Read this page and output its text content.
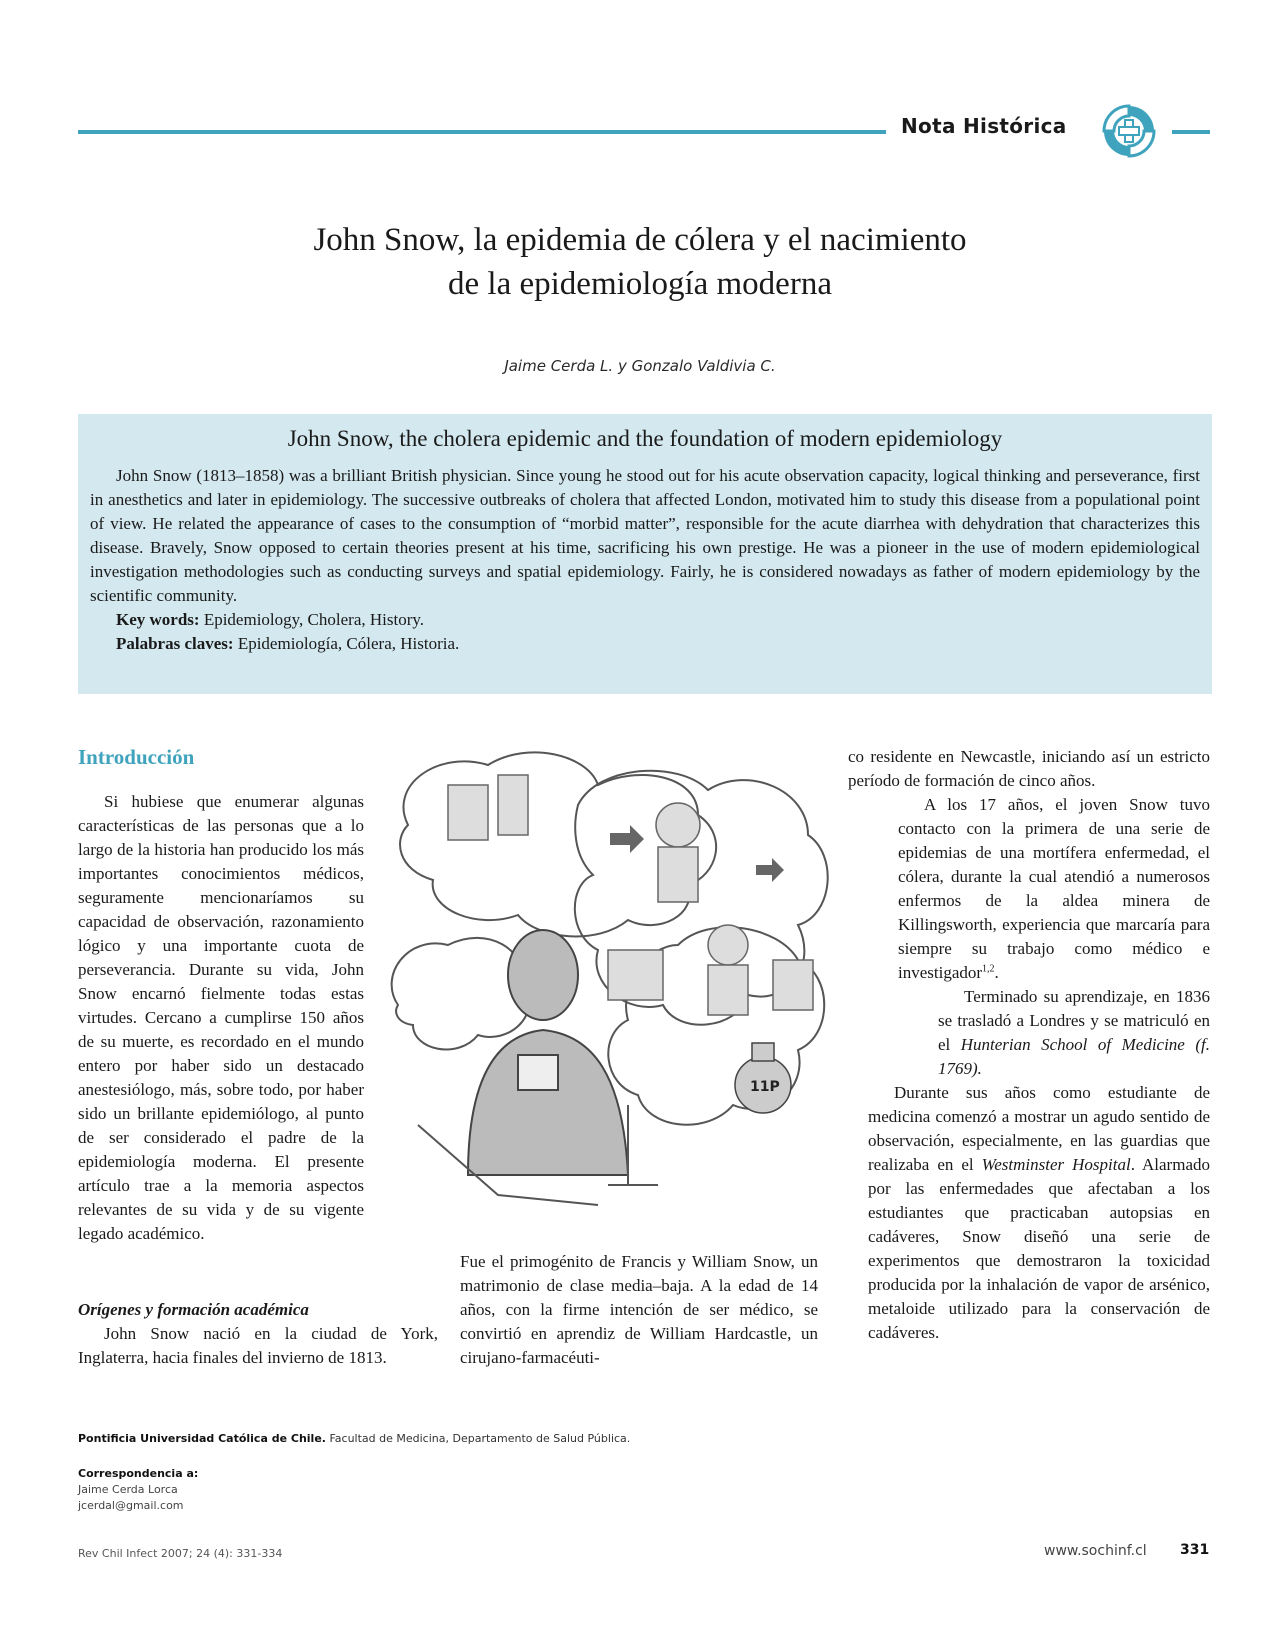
Nota Histórica
John Snow, la epidemia de cólera y el nacimiento
de la epidemiología moderna
Jaime Cerda L. y Gonzalo Valdivia C.
John Snow, the cholera epidemic and the foundation of modern epidemiology

John Snow (1813–1858) was a brilliant British physician. Since young he stood out for his acute observation capacity, logical thinking and perseverance, first in anesthetics and later in epidemiology. The successive outbreaks of cholera that affected London, motivated him to study this disease from a populational point of view. He related the appearance of cases to the consumption of “morbid matter”, responsible for the acute diarrhea with dehydration that characterizes this disease. Bravely, Snow opposed to certain theories present at his time, sacrificing his own prestige. He was a pioneer in the use of modern epidemiological investigation methodologies such as conducting surveys and spatial epidemiology. Fairly, he is considered nowadays as father of modern epidemiology by the scientific community.

Key words: Epidemiology, Cholera, History.

Palabras claves: Epidemiología, Cólera, Historia.

Introducción

Si hubiese que enumerar algunas características de las personas que a lo largo de la historia han producido los más importantes conocimientos médicos, seguramente mencionaríamos su capacidad de observación, razonamiento lógico y una importante cuota de perseverancia. Durante su vida, John Snow encarnó fielmente todas estas virtudes. Cercano a cumplirse 150 años de su muerte, es recordado en el mundo entero por haber sido un destacado anestesiólogo, más, sobre todo, por haber sido un brillante epidemiólogo, al punto de ser considerado el padre de la epidemiología moderna. El presente artículo trae a la memoria aspectos relevantes de su vida y de su vigente legado académico.

Orígenes y formación académica

John Snow nació en la ciudad de York, Inglaterra, hacia finales del invierno de 1813.

11P

Fue el primogénito de Francis y William Snow, un matrimonio de clase media–baja. A la edad de 14 años, con la firme intención de ser médico, se convirtió en aprendiz de William Hardcastle, un cirujano-farmacéuti-

co residente en Newcastle, iniciando así un estricto período de formación de cinco años.

A los 17 años, el joven Snow tuvo contacto con la primera de una serie de epidemias de una mortífera enfermedad, el cólera, durante la cual atendió a numerosos enfermos de la aldea minera de Killingsworth, experiencia que marcaría para siempre su trabajo como médico e investigador$^{1,2}$.

Terminado su aprendizaje, en 1836 se trasladó a Londres y se matriculó en el Hunterian School of Medicine (f. 1769).

Durante sus años como estudiante de medicina comenzó a mostrar un agudo sentido de observación, especialmente, en las guardias que realizaba en el Westminster Hospital. Alarmado por las enfermedades que afectaban a los estudiantes que practicaban autopsias en cadáveres, Snow diseñó una serie de experimentos que demostraron la toxicidad producida por la inhalación de vapor de arsénico, metaloide utilizado para la conservación de cadáveres.

Pontificia Universidad Católica de Chile. Facultad de Medicina, Departamento de Salud Pública.
Correspondencia a:
Jaime Cerda Lorca
jcerdal@gmail.com
Rev Chil Infect 2007; 24 (4): 331-334	www.sochinf.cl 331
